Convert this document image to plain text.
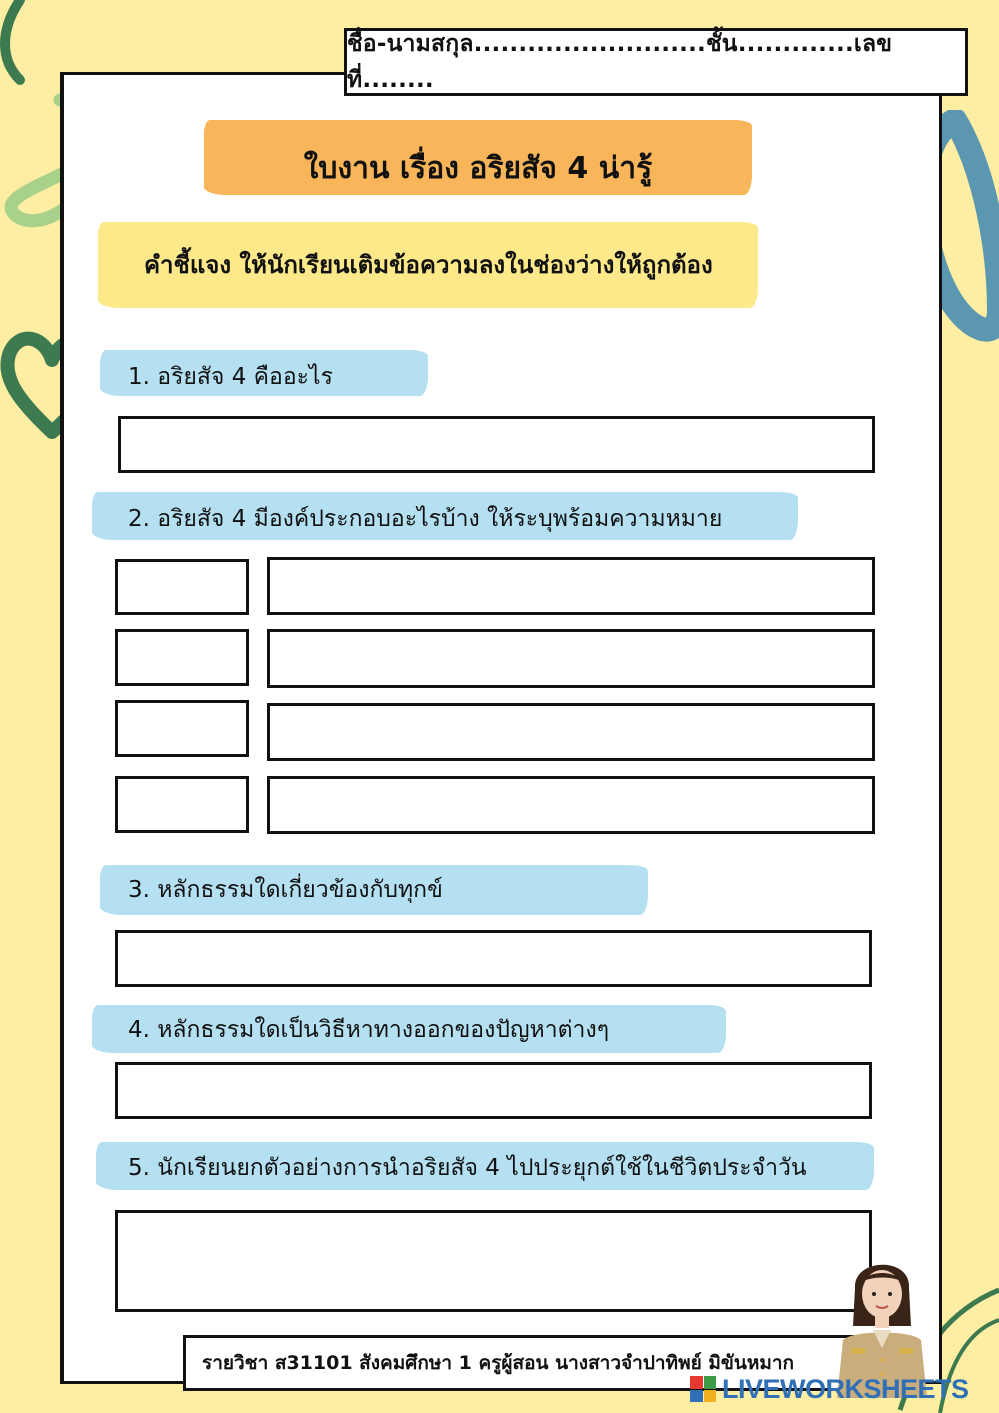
ชื่อ-นามสกุล..........................ชั้น.............เลขที่........
ใบงาน เรื่อง อริยสัจ 4 น่ารู้
คำชี้แจง ให้นักเรียนเติมข้อความลงในช่องว่างให้ถูกต้อง
1. อริยสัจ 4 คืออะไร
2. อริยสัจ 4 มีองค์ประกอบอะไรบ้าง ให้ระบุพร้อมความหมาย
3. หลักธรรมใดเกี่ยวข้องกับทุกข์
4. หลักธรรมใดเป็นวิธีหาทางออกของปัญหาต่างๆ
5. นักเรียนยกตัวอย่างการนำอริยสัจ 4 ไปประยุกต์ใช้ในชีวิตประจำวัน
รายวิชา ส31101 สังคมศึกษา 1 ครูผู้สอน นางสาวจำปาทิพย์ มิขันหมาก
LIVEWORKSHEETS
